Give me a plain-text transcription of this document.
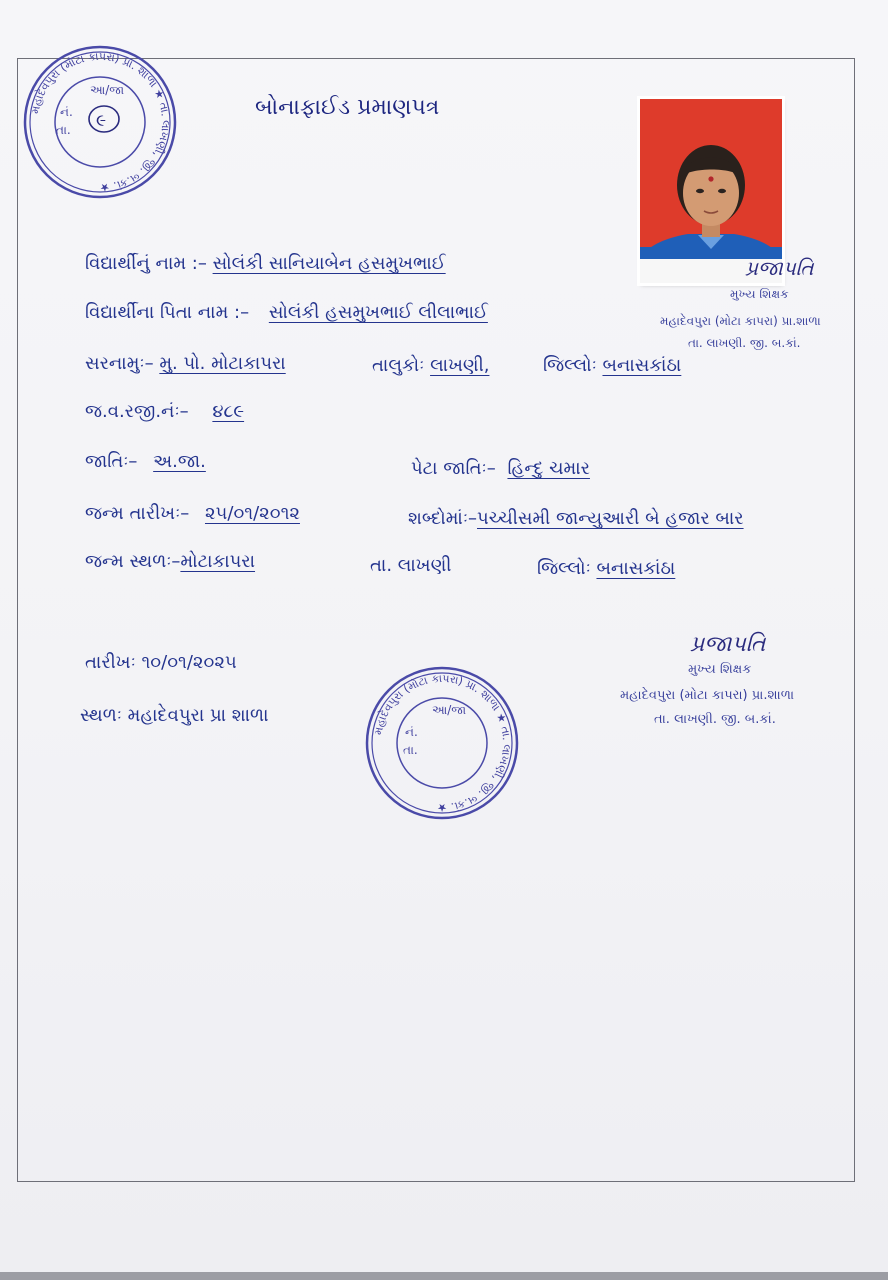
મહાદેવપુરા (મોટા કાપરા) પ્રા. શાળા ★ તા. લાખણી, જી. બ.કાં. ★
આ/જા
નં.
તા. ૯
બોનાફાઈડ પ્રમાણપત્ર
પ્રજાપતિ
મુખ્ય શિક્ષક
મહાદેવપુરા (મોટા કાપરા) પ્રા.શાળા
તા. લાખણી. જી. બ.કાં.
વિદ્યાર્થીનું નામ :– સોલંકી સાનિયાબેન હસમુખભાઈ
વિદ્યાર્થીના પિતા નામ :– સોલંકી હસમુખભાઈ લીલાભાઈ
સરનામુઃ– મુ. પો. મોટાકાપરા	તાલુકોઃ લાખણી,	જિલ્લોઃ બનાસકાંઠા
જ.વ.રજી.નંઃ– ૪૮૯
જાતિઃ– અ.જા.	પેટા જાતિઃ– હિન્દુ ચમાર
જન્મ તારીખઃ– ૨૫/૦૧/૨૦૧૨	શબ્દોમાંઃ–પચ્ચીસમી જાન્યુઆરી બે હજાર બાર
જન્મ સ્થળઃ–મોટાકાપરા	તા. લાખણી	જિલ્લોઃ બનાસકાંઠા
તારીખઃ ૧૦/૦૧/૨૦૨૫
સ્થળઃ મહાદેવપુરા પ્રા શાળા
મહાદેવપુરા (મોટા કાપરા) પ્રા. શાળા ★ તા. લાખણી, જી. બ.કાં. ★
આ/જા
નં.
તા.
પ્રજાપતિ
મુખ્ય શિક્ષક
મહાદેવપુરા (મોટા કાપરા) પ્રા.શાળા
તા. લાખણી. જી. બ.કાં.
